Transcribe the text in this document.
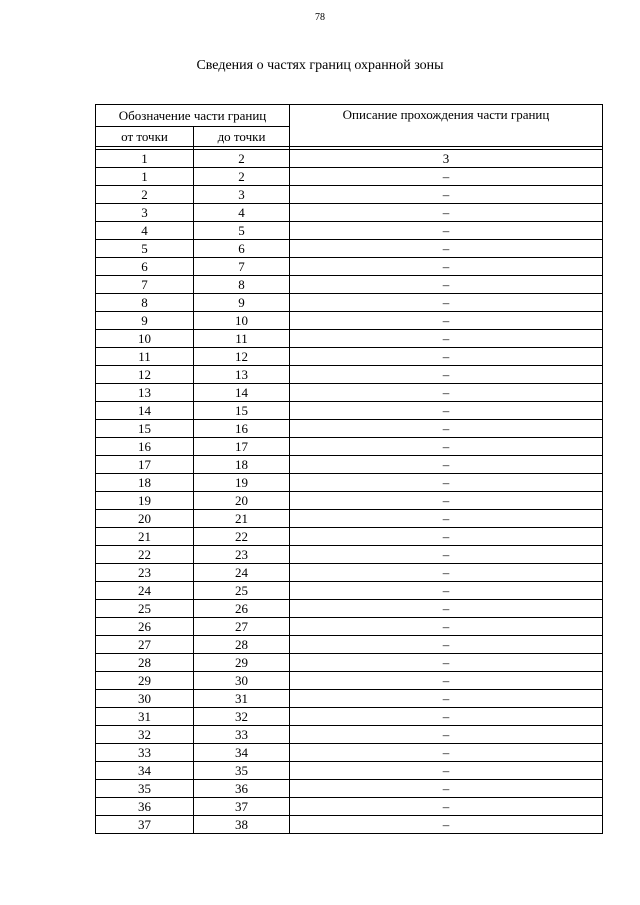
78
Сведения о частях границ охранной зоны
Обозначение части границ		Описание прохождения части границ
от точки	до точки	

1	2	3
1	2	–
2	3	–
3	4	–
4	5	–
5	6	–
6	7	–
7	8	–
8	9	–
9	10	–
10	11	–
11	12	–
12	13	–
13	14	–
14	15	–
15	16	–
16	17	–
17	18	–
18	19	–
19	20	–
20	21	–
21	22	–
22	23	–
23	24	–
24	25	–
25	26	–
26	27	–
27	28	–
28	29	–
29	30	–
30	31	–
31	32	–
32	33	–
33	34	–
34	35	–
35	36	–
36	37	–
37	38	–
